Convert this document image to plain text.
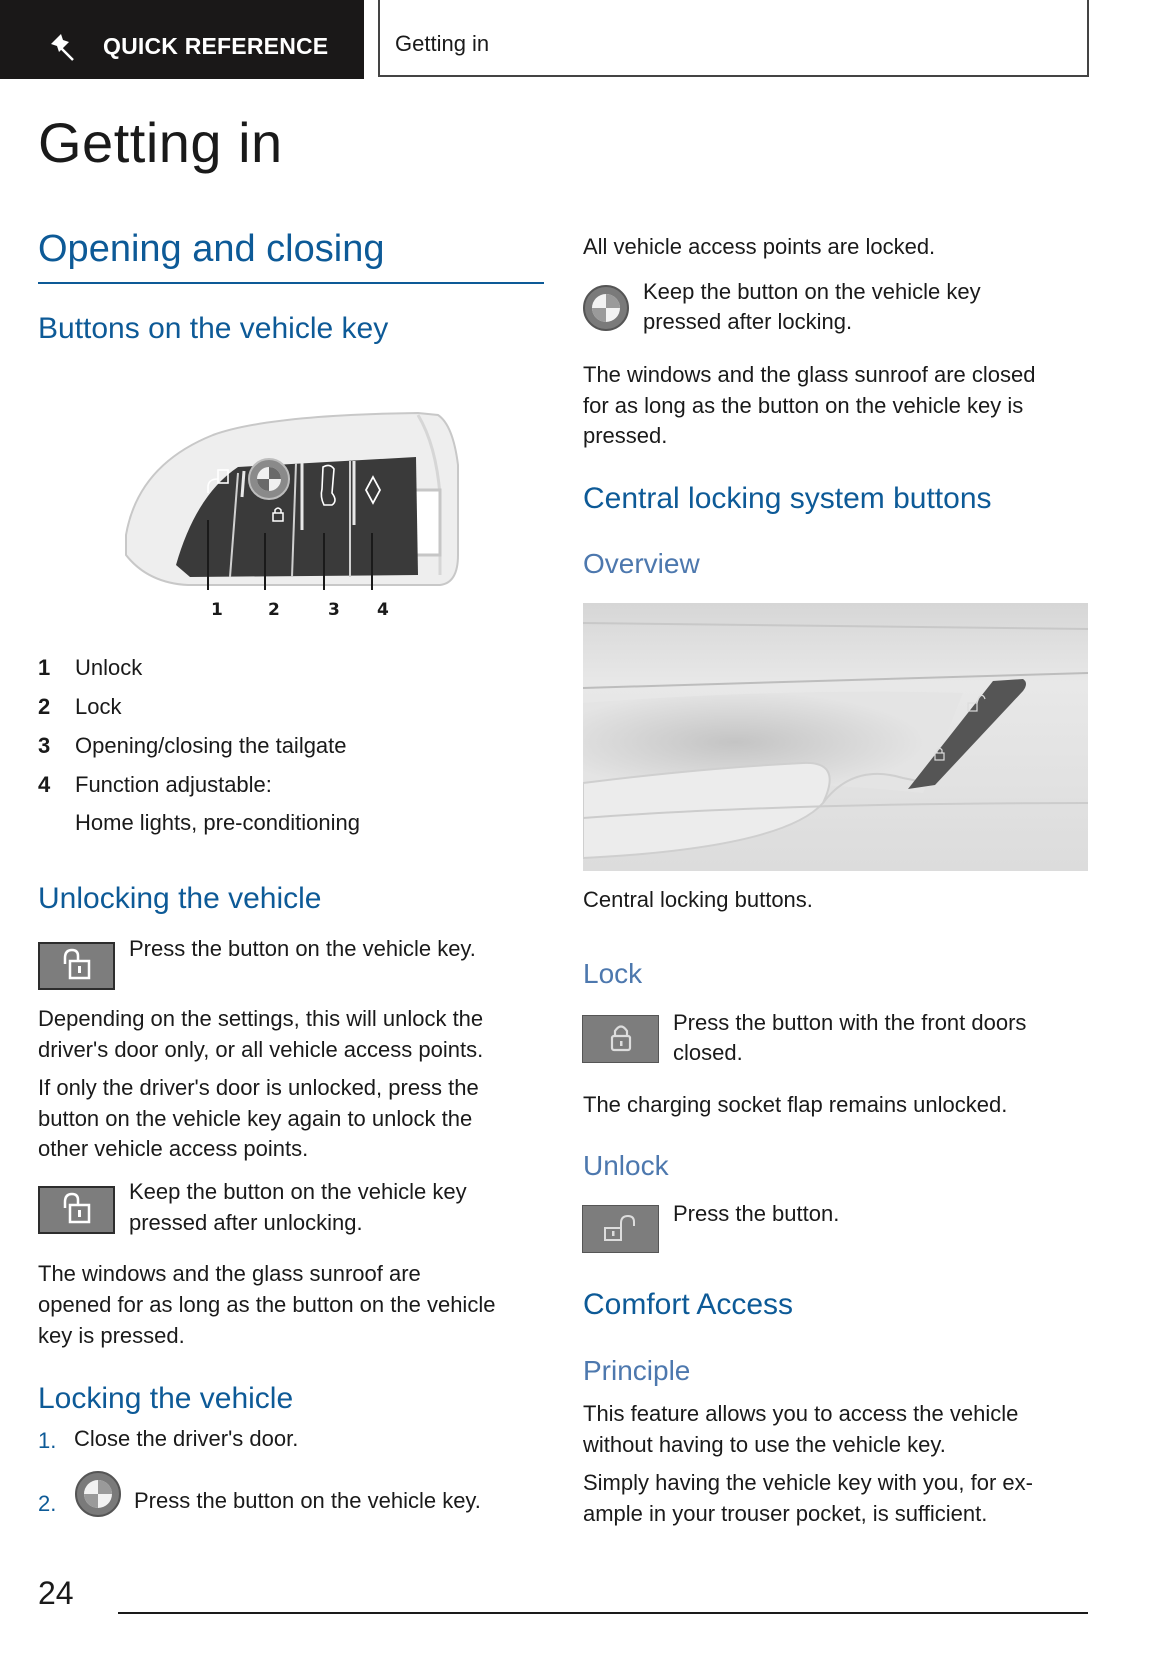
QUICK REFERENCE	Getting in
Getting in
Opening and closing
Buttons on the vehicle key
1	2	3 4
1 Unlock
2 Lock
3 Opening/closing the tailgate
4 Function adjustable:
Home lights, pre-conditioning
Unlocking the vehicle
Press the button on the vehicle key.
Depending on the settings, this will unlock the
driver's door only, or all vehicle access points.
If only the driver's door is unlocked, press the
button on the vehicle key again to unlock the
other vehicle access points.
Keep the button on the vehicle key
pressed after unlocking.
The windows and the glass sunroof are
opened for as long as the button on the vehicle
key is pressed.
Locking the vehicle
1. Close the driver's door.
2.	Press the button on the vehicle key.
All vehicle access points are locked.
Keep the button on the vehicle key
pressed after locking.
The windows and the glass sunroof are closed
for as long as the button on the vehicle key is
pressed.
Central locking system buttons
Overview
Central locking buttons.
Lock
Press the button with the front doors
closed.
The charging socket flap remains unlocked.
Unlock
Press the button.
Comfort Access
Principle
This feature allows you to access the vehicle
without having to use the vehicle key.
Simply having the vehicle key with you, for ex-
ample in your trouser pocket, is sufficient.
24
